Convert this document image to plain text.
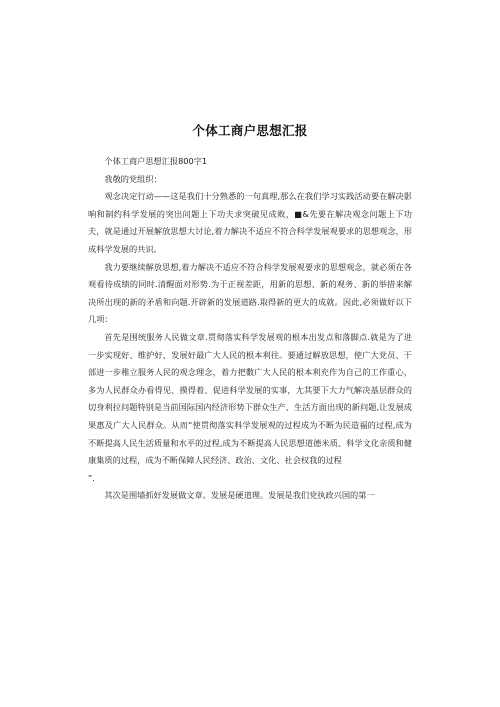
个体工商户思想汇报

个体工商户思想汇报800字1

我敬的党组织：

观念决定行动——这是我们十分熟悉的一句真理,那么在我们学习实践活动要在解决影响和制约科学发展的突出问题上下功夫求突破见成败，■&先要在解决观念问题上下功夫，就是通过开展解放思想大讨论,着力解决不适应不符合科学发展观要求的思想观念，形成科学发展的共识。

我力要继续解放思想,着力解决不适应不符合科学发展观要求的思想观念，就必须在各观看待成绩的同时.清醒面对形势.为于正视差距，用新的思想、新的观务、新的举措来解决所出现的新的矛盾和向题.开辟新的发展道路.取得新的更大的成就。因此,必须做好以下几项：

首先是围统服务人民做文章.贯彻落实科学发展观的根本出发点和落脚点.就是为了进一步实现好、维护好、发展好最广大人民的根本利往。要通过解放思想，使广大党员、干部进一步稚立服务人民的观念理念，着力把數广大人民的根本利充作为自己的工作重心，多为人民群众办看得见、摸得着、促进科学发展的实事，尢其要下大力气解决基层群众的切身利拉问题特别是当前国际国内经济形势下群众生产、生活方面出现的新问题,让发展成果惠及广大人民群众。从而“使贯彻落实科学发展观的过程成为不断为民造福的过程,成为不断提高人民生活质量和水平的过程,成为不断提高人民思想道德米质、科学文化亲质和健康集质的过程，成为不断保障人民经济、政治、文化、社会权我的过程
”.

其次是围墙抓好发展做文章。发展是硬道理。发展是我们党执政兴国的第一
